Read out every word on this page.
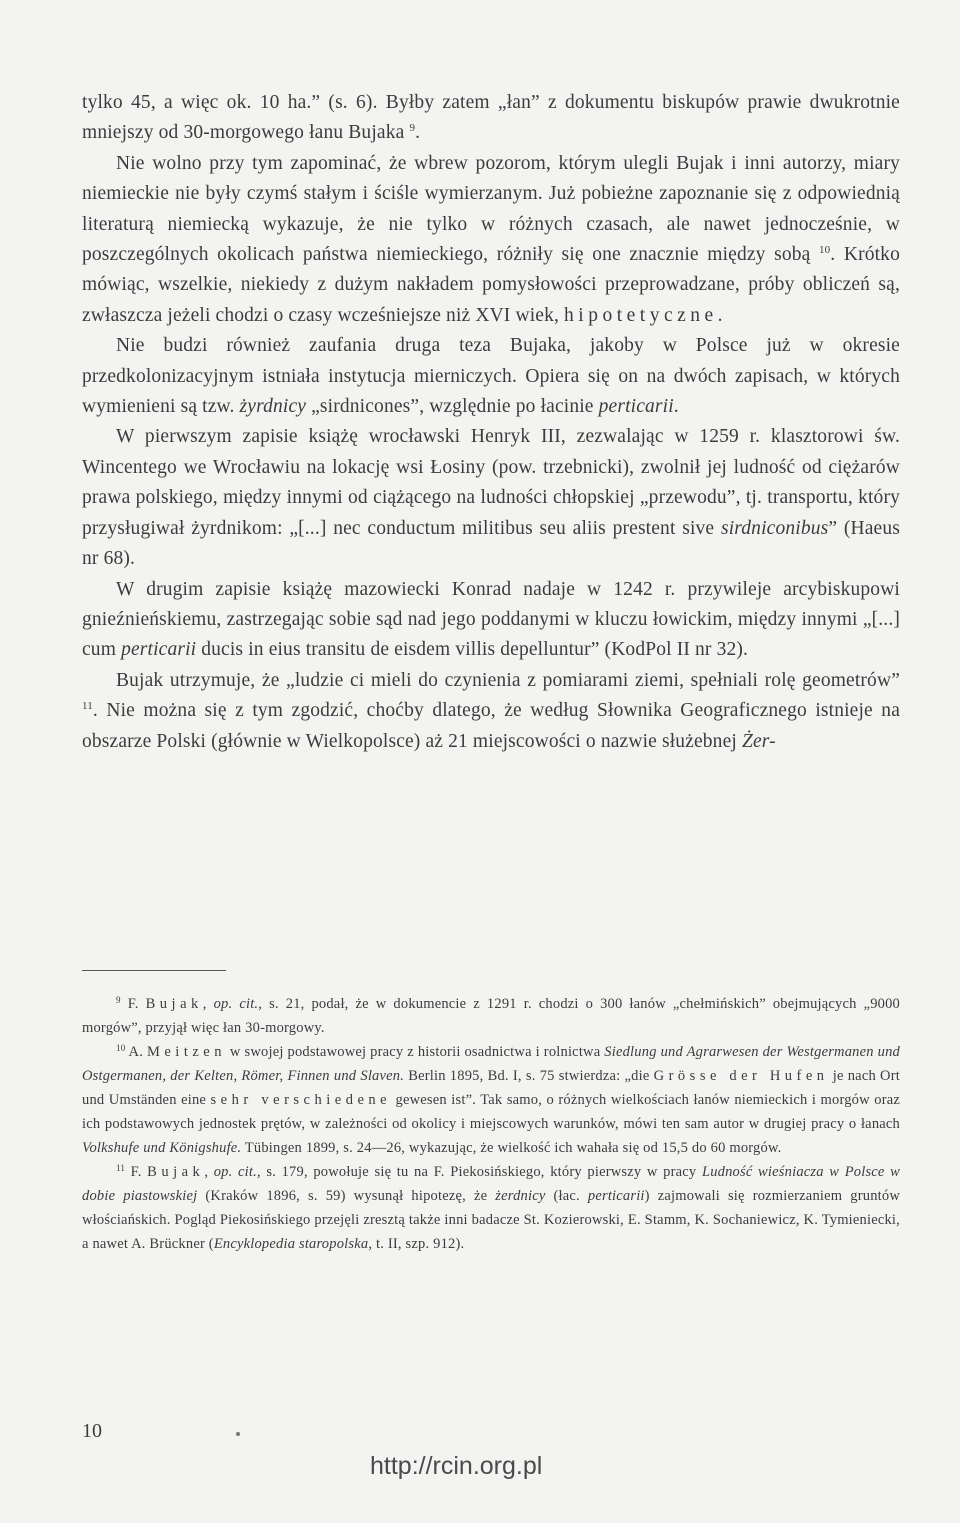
tylko 45, a więc ok. 10 ha.” (s. 6). Byłby zatem „łan” z dokumentu biskupów prawie dwukrotnie mniejszy od 30-morgowego łanu Bujaka $^9$.

Nie wolno przy tym zapominać, że wbrew pozorom, którym ulegli Bujak i inni autorzy, miary niemieckie nie były czymś stałym i ściśle wymierzanym. Już pobieżne zapoznanie się z odpowiednią literaturą niemiecką wykazuje, że nie tylko w różnych czasach, ale nawet jednocześnie, w poszczególnych okolicach państwa niemieckiego, różniły się one znacznie między sobą $^{10}$. Krótko mówiąc, wszelkie, niekiedy z dużym nakładem pomysłowości przeprowadzane, próby obliczeń są, zwłaszcza jeżeli chodzi o czasy wcześniejsze niż XVI wiek, hipotetyczne.

Nie budzi również zaufania druga teza Bujaka, jakoby w Polsce już w okresie przedkolonizacyjnym istniała instytucja mierniczych. Opiera się on na dwóch zapisach, w których wymienieni są tzw. żyrdnicy „sirdnicones”, względnie po łacinie perticarii.

W pierwszym zapisie książę wrocławski Henryk III, zezwalając w 1259 r. klasztorowi św. Wincentego we Wrocławiu na lokację wsi Łosiny (pow. trzebnicki), zwolnił jej ludność od ciężarów prawa polskiego, między innymi od ciążącego na ludności chłopskiej „przewodu”, tj. transportu, który przysługiwał żyrdnikom: „[...] nec conductum militibus seu aliis prestent sive sirdniconibus” (Haeus nr 68).

W drugim zapisie książę mazowiecki Konrad nadaje w 1242 r. przywileje arcybiskupowi gnieźnieńskiemu, zastrzegając sobie sąd nad jego poddanymi w kluczu łowickim, między innymi „[...] cum perticarii ducis in eius transitu de eisdem villis depelluntur” (KodPol II nr 32).

Bujak utrzymuje, że „ludzie ci mieli do czynienia z pomiarami ziemi, spełniali rolę geometrów” $^{11}$. Nie można się z tym zgodzić, choćby dlatego, że według Słownika Geograficznego istnieje na obszarze Polski (głównie w Wielkopolsce) aż 21 miejscowości o nazwie służebnej Żer-

$^9$ F. Bujak, op. cit., s. 21, podał, że w dokumencie z 1291 r. chodzi o 300 łanów „chełmińskich” obejmujących „9000 morgów”, przyjął więc łan 30-morgowy.

$^{10}$ A. Meitzen w swojej podstawowej pracy z historii osadnictwa i rolnictwa Siedlung und Agrarwesen der Westgermanen und Ostgermanen, der Kelten, Römer, Finnen und Slaven. Berlin 1895, Bd. I, s. 75 stwierdza: „die Grösse der Hufen je nach Ort und Umständen eine sehr verschiedene gewesen ist”. Tak samo, o różnych wielkościach łanów niemieckich i morgów oraz ich podstawowych jednostek prętów, w zależności od okolicy i miejscowych warunków, mówi ten sam autor w drugiej pracy o łanach Volkshufe und Königshufe. Tübingen 1899, s. 24—26, wykazując, że wielkość ich wahała się od 15,5 do 60 morgów.

$^{11}$ F. Bujak, op. cit., s. 179, powołuje się tu na F. Piekosińskiego, który pierwszy w pracy Ludność wieśniacza w Polsce w dobie piastowskiej (Kraków 1896, s. 59) wysunął hipotezę, że żerdnicy (łac. perticarii) zajmowali się rozmierzaniem gruntów włościańskich. Pogląd Piekosińskiego przejęli zresztą także inni badacze St. Kozierowski, E. Stamm, K. Sochaniewicz, K. Tymieniecki, a nawet A. Brückner (Encyklopedia staropolska, t. II, szp. 912).

10
http://rcin.org.pl
